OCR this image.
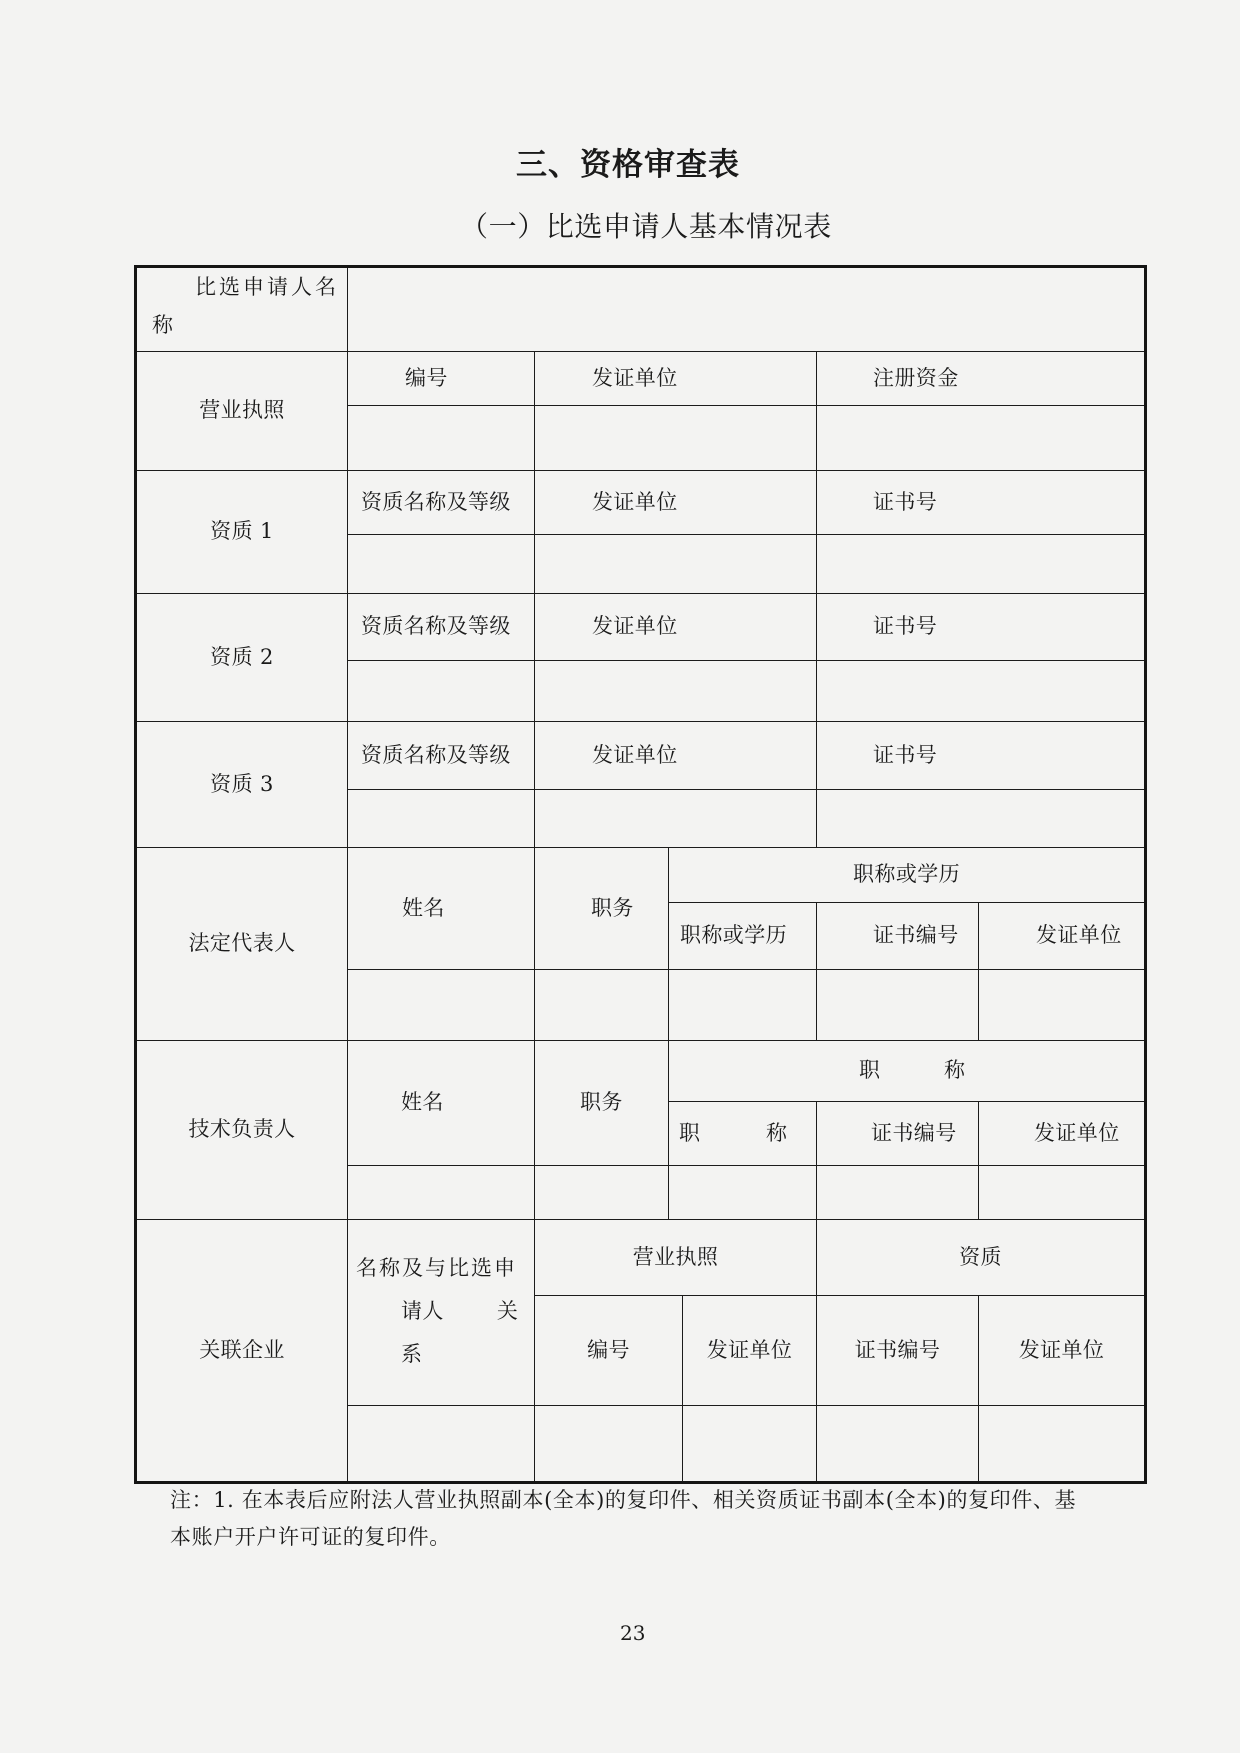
三、资格审查表
（一）比选申请人基本情况表
比选申请人名
称						

营业执照	编号	发证单位			注册资金	

资质 1	资质名称及等级	发证单位			证书号	

资质 2	资质名称及等级	发证单位			证书号	

资质 3	资质名称及等级	发证单位			证书号	

法定代表人	姓名	职务	职称或学历			
			职称或学历		证书编号	发证单位

技术负责人	姓名	职务	职称			
			职称		证书编号	发证单位

关联企业	名称及与比选申
请人 关
系	营业执照			资质	
		编号		发证单位	证书编号	发证单位

注：1. 在本表后应附法人营业执照副本(全本)的复印件、相关资质证书副本(全本)的复印件、基
本账户开户许可证的复印件。
23
